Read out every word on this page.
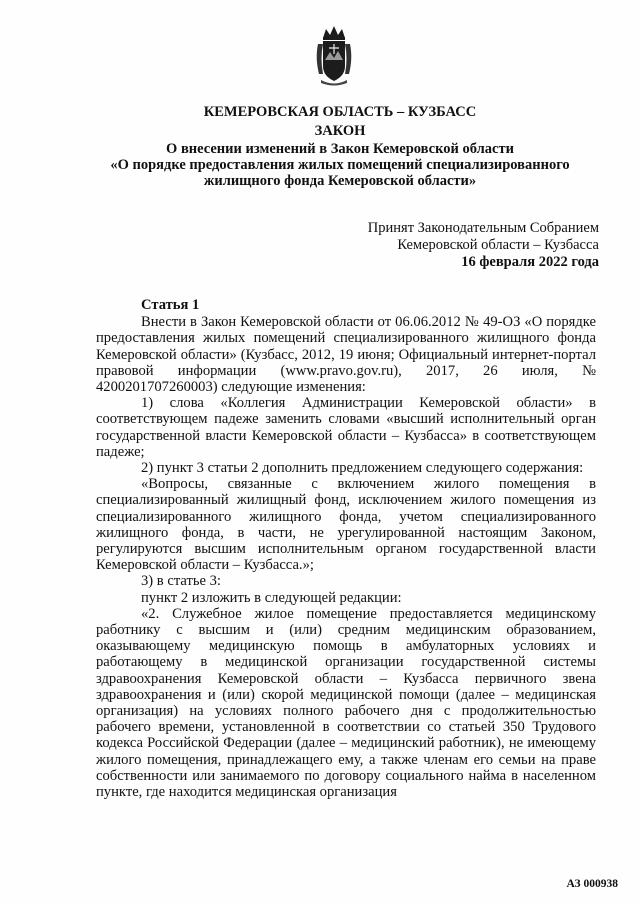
КЕМЕРОВСКАЯ ОБЛАСТЬ – КУЗБАСС
ЗАКОН
О внесении изменений в Закон Кемеровской области
«О порядке предоставления жилых помещений специализированного
жилищного фонда Кемеровской области»
Принят Законодательным Собранием
Кемеровской области – Кузбасса
16 февраля 2022 года
Статья 1

Внести в Закон Кемеровской области от 06.06.2012 № 49-ОЗ «О порядке предоставления жилых помещений специализированного жилищного фонда Кемеровской области» (Кузбасс, 2012, 19 июня; Официальный интернет-портал правовой информации (www.pravo.gov.ru), 2017, 26 июля, № 4200201707260003) следующие изменения:

1) слова «Коллегия Администрации Кемеровской области» в соответствующем падеже заменить словами «высший исполнительный орган государственной власти Кемеровской области – Кузбасса» в соответствующем падеже;

2) пункт 3 статьи 2 дополнить предложением следующего содержания:

«Вопросы, связанные с включением жилого помещения в специализированный жилищный фонд, исключением жилого помещения из специализированного жилищного фонда, учетом специализированного жилищного фонда, в части, не урегулированной настоящим Законом, регулируются высшим исполнительным органом государственной власти Кемеровской области – Кузбасса.»;

3) в статье 3:

пункт 2 изложить в следующей редакции:

«2. Служебное жилое помещение предоставляется медицинскому работнику с высшим и (или) средним медицинским образованием, оказывающему медицинскую помощь в амбулаторных условиях и работающему в медицинской организации государственной системы здравоохранения Кемеровской области – Кузбасса первичного звена здравоохранения и (или) скорой медицинской помощи (далее – медицинская организация) на условиях полного рабочего дня с продолжительностью рабочего времени, установленной в соответствии со статьей 350 Трудового кодекса Российской Федерации (далее – медицинский работник), не имеющему жилого помещения, принадлежащего ему, а также членам его семьи на праве собственности или занимаемого по договору социального найма в населенном пункте, где находится медицинская организация

АЗ 000938
